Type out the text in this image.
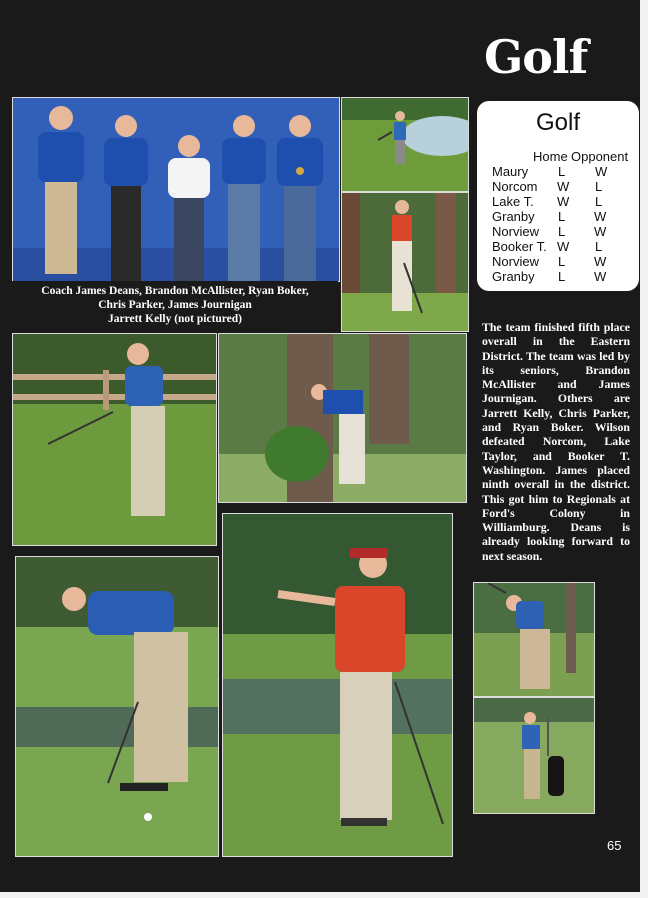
Golf
Coach James Deans, Brandon McAllister, Ryan Boker,
Chris Parker, James Journigan
Jarrett Kelly (not pictured)
Golf
Home Opponent
Maury L W
Norcom W L
Lake T. W L
Granby L W
Norview L W
Booker T. W L
Norview L W
Granby L W
The team finished fifth place overall in the Eastern District. The team was led by its seniors, Brandon McAllister and James Journigan. Others are Jarrett Kelly, Chris Parker, and Ryan Boker. Wilson defeated Norcom, Lake Taylor, and Booker T. Washington. James placed ninth overall in the district. This got him to Regionals at Ford's Colony in Williamburg. Deans is already looking forward to next season.
65
